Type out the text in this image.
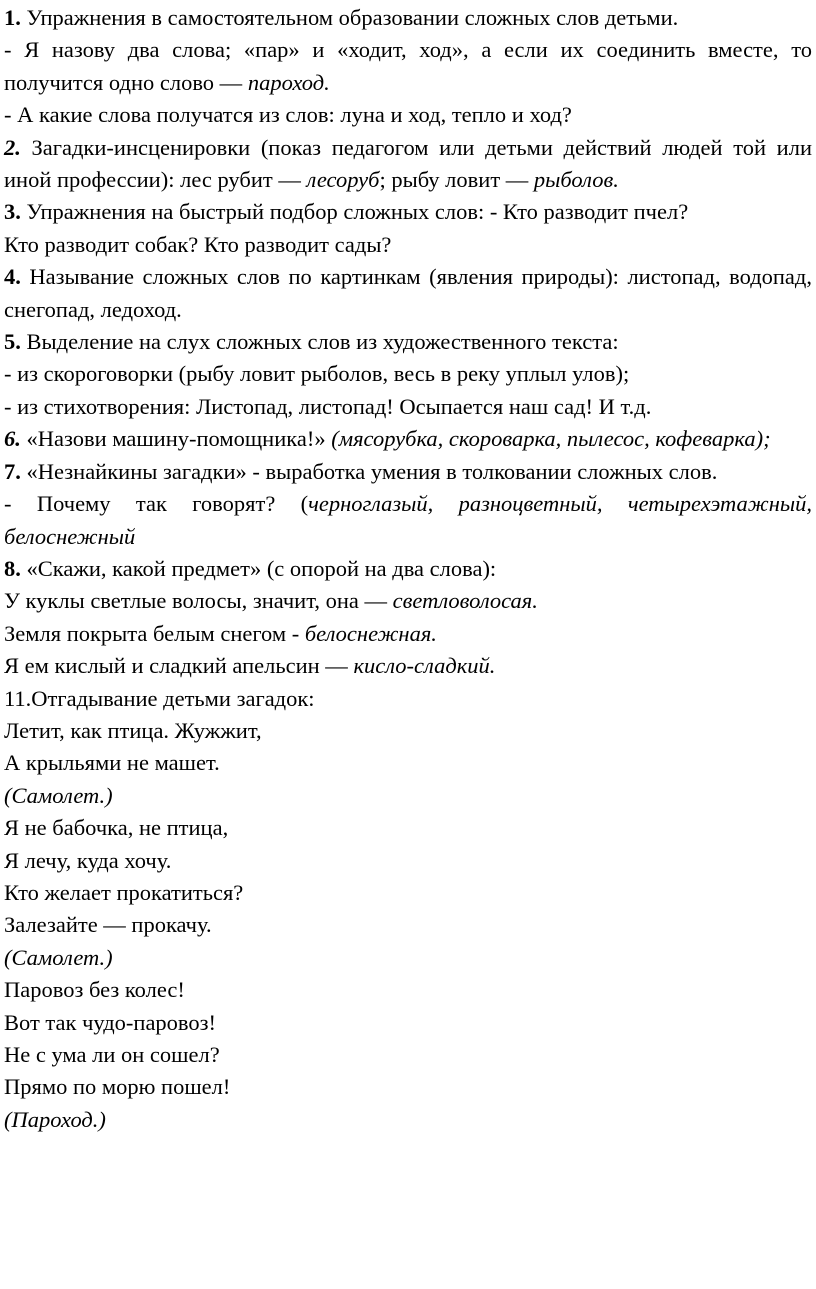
1. Упражнения в самостоятельном образовании сложных слов детьми.

- Я назову два слова; «пар» и «ходит, ход», а если их соединить вместе, то получится одно слово — пароход.

- А какие слова получатся из слов: луна и ход, тепло и ход?

2. Загадки-инсценировки (показ педагогом или детьми действий людей той или иной профессии): лес рубит — лесоруб; рыбу ловит — рыболов.

3. Упражнения на быстрый подбор сложных слов: - Кто разводит пчел?

Кто разводит собак? Кто разводит сады?

4. Называние сложных слов по картинкам (явления природы): листопад, водопад, снегопад, ледоход.

5. Выделение на слух сложных слов из художественного текста:

- из скороговорки (рыбу ловит рыболов, весь в реку уплыл улов);

- из стихотворения: Листопад, листопад! Осыпается наш сад! И т.д.

6. «Назови машину-помощника!» (мясорубка, скороварка, пылесос, кофеварка);

7. «Незнайкины загадки» - выработка умения в толковании сложных слов.

- Почему так говорят? (черноглазый, разноцветный, четырехэтажный, белоснежный

8. «Скажи, какой предмет» (с опорой на два слова):

У куклы светлые волосы, значит, она — светловолосая.

Земля покрыта белым снегом - белоснежная.

Я ем кислый и сладкий апельсин — кисло-сладкий.

11.Отгадывание детьми загадок:

Летит, как птица. Жужжит,

А крыльями не машет.

(Самолет.)

Я не бабочка, не птица,

Я лечу, куда хочу.

Кто желает прокатиться?

Залезайте — прокачу.

(Самолет.)

Паровоз без колес!

Вот так чудо-паровоз!

Не с ума ли он сошел?

Прямо по морю пошел!

(Пароход.)
